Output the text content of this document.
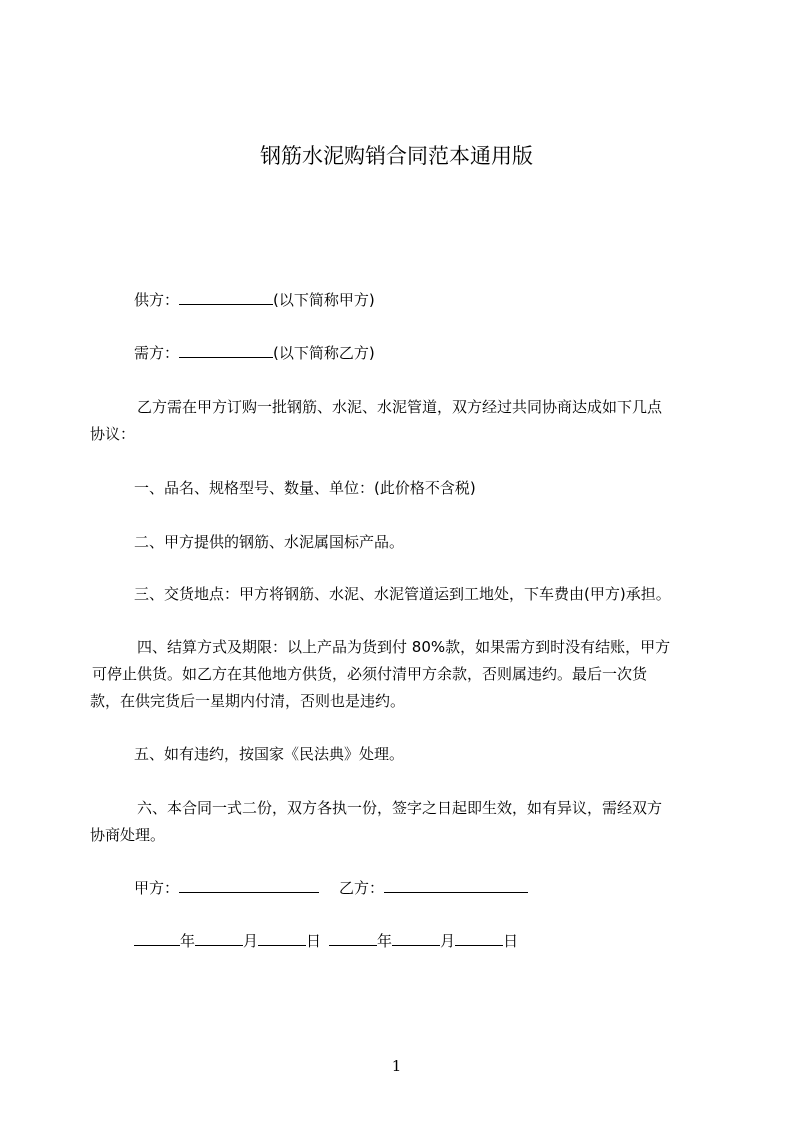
钢筋水泥购销合同范本通用版
供方：	(以下简称甲方)
需方：	(以下简称乙方)
乙方需在甲方订购一批钢筋、水泥、水泥管道，双方经过共同协商达成如下几点
协议：
一、品名、规格型号、数量、单位：(此价格不含税)
二、甲方提供的钢筋、水泥属国标产品。
三、交货地点：甲方将钢筋、水泥、水泥管道运到工地处，下车费由(甲方)承担。
四、结算方式及期限：以上产品为货到付 80%款，如果需方到时没有结账，甲方
可停止供货。如乙方在其他地方供货，必须付清甲方余款，否则属违约。最后一次货
款，在供完货后一星期内付清，否则也是违约。
五、如有违约，按国家《民法典》处理。
六、本合同一式二份，双方各执一份，签字之日起即生效，如有异议，需经双方
协商处理。
甲方：	乙方：
年	月	日	年	月	日
1
